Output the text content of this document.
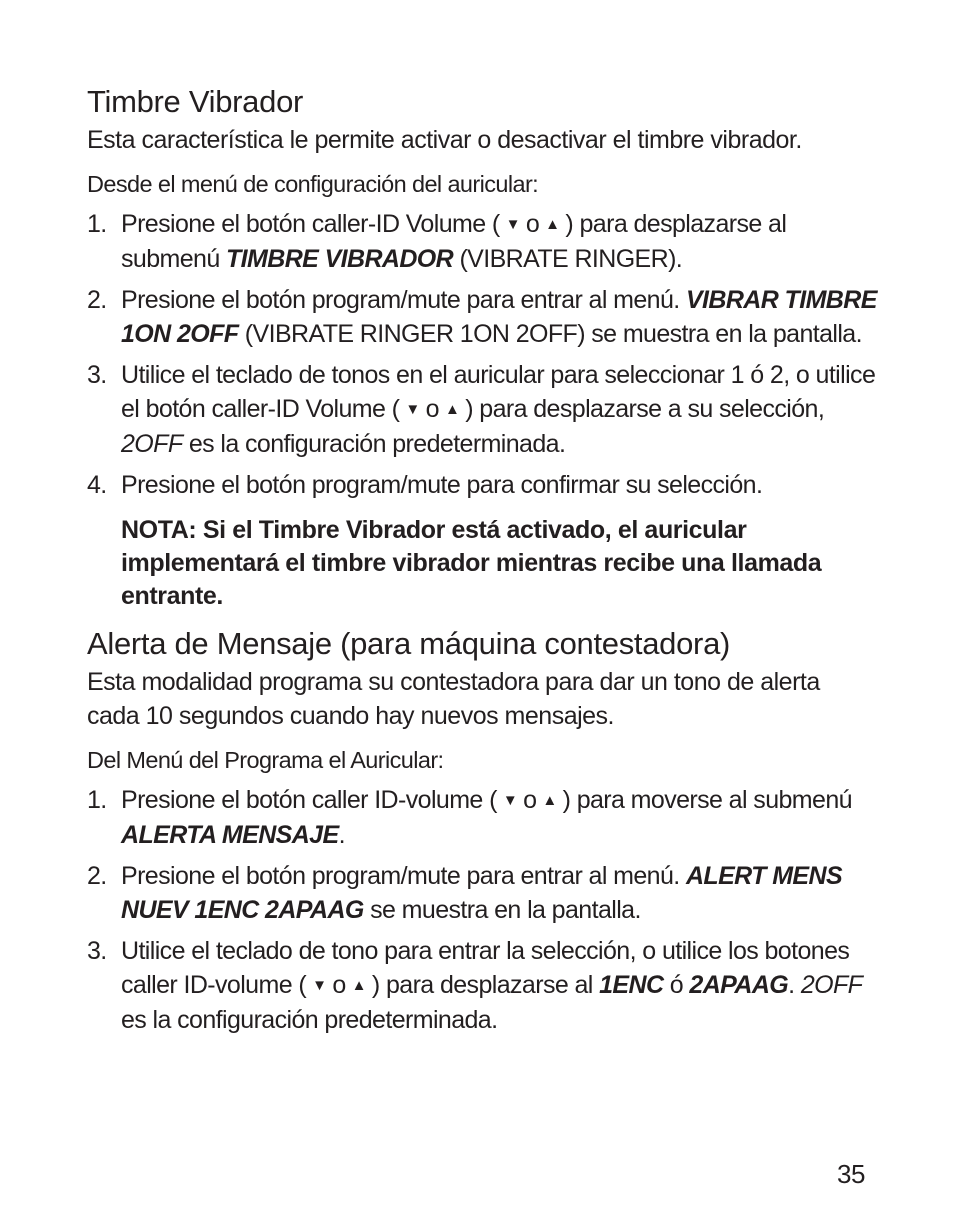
Timbre Vibrador

Esta característica le permite activar o desactivar el timbre vibrador.

Desde el menú de configuración del auricular:

1. Presione el botón caller-ID Volume ( ▼ o ▲ ) para desplazarse al submenú TIMBRE VIBRADOR (VIBRATE RINGER).
2. Presione el botón program/mute para entrar al menú. VIBRAR TIMBRE 1ON 2OFF (VIBRATE RINGER 1ON 2OFF) se muestra en la pantalla.
3. Utilice el teclado de tonos en el auricular para seleccionar 1 ó 2, o utilice el botón caller-ID Volume ( ▼ o ▲ ) para desplazarse a su selección, 2OFF es la configuración predeterminada.
4. Presione el botón program/mute para confirmar su selección.
NOTA: Si el Timbre Vibrador está activado, el auricular implementará el timbre vibrador mientras recibe una llamada entrante.
Alerta de Mensaje (para máquina contestadora)

Esta modalidad programa su contestadora para dar un tono de alerta cada 10 segundos cuando hay nuevos mensajes.

Del Menú del Programa el Auricular:

1. Presione el botón caller ID-volume ( ▼ o ▲ ) para moverse al submenú ALERTA MENSAJE.
2. Presione el botón program/mute para entrar al menú. ALERT MENS NUEV 1ENC 2APAAG se muestra en la pantalla.
3. Utilice el teclado de tono para entrar la selección, o utilice los botones caller ID-volume ( ▼ o ▲ ) para desplazarse al 1ENC ó 2APAAG. 2OFF es la configuración predeterminada.
35
